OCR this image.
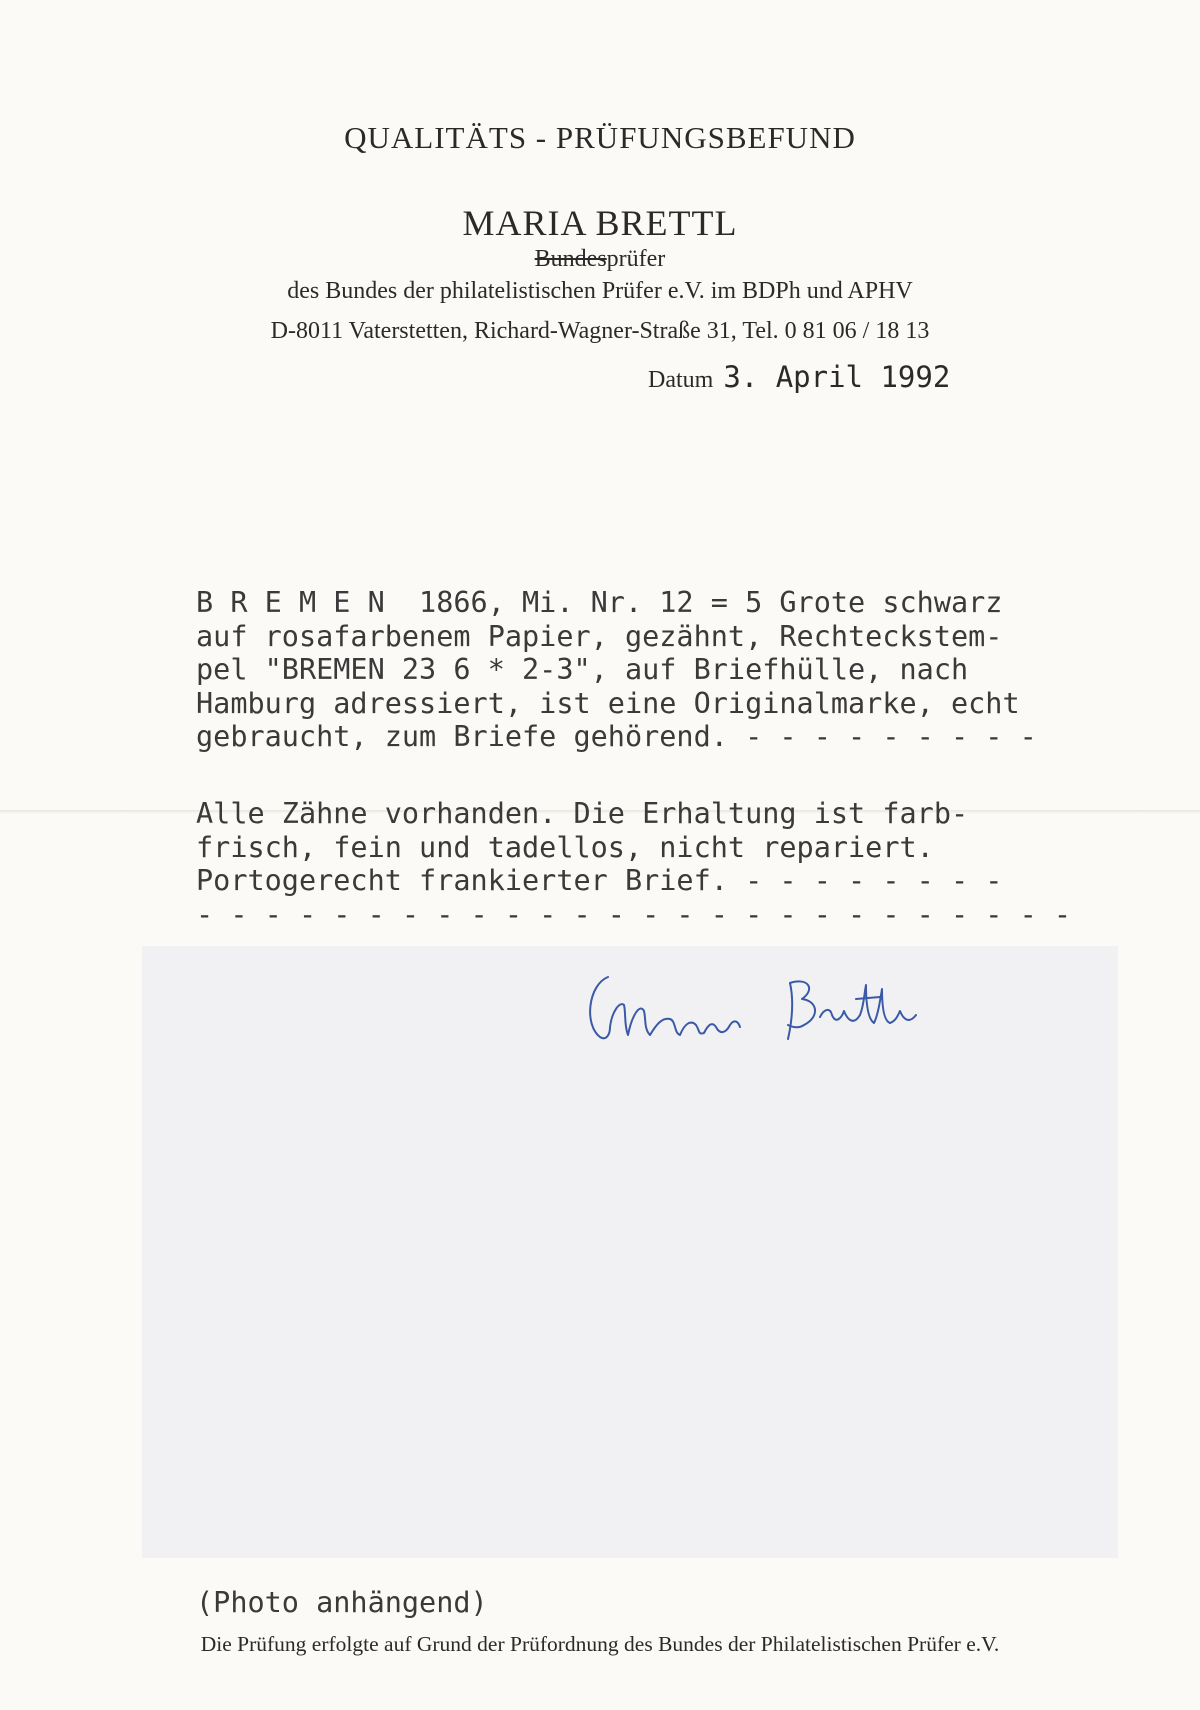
QUALITÄTS - PRÜFUNGSBEFUND
MARIA BRETTL
Bundesprüfer
des Bundes der philatelistischen Prüfer e.V. im BDPh und APHV
D-8011 Vaterstetten, Richard-Wagner-Straße 31, Tel. 0 81 06 / 18 13
Datum 3. April 1992
B R E M E N  1866, Mi. Nr. 12 = 5 Grote schwarz
auf rosafarbenem Papier, gezähnt, Rechteckstem-
pel "BREMEN 23 6 * 2-3", auf Briefhülle, nach
Hamburg adressiert, ist eine Originalmarke, echt
gebraucht, zum Briefe gehörend. - - - - - - - - -
Alle Zähne vorhanden. Die Erhaltung ist farb-
frisch, fein und tadellos, nicht repariert.
Portogerecht frankierter Brief. - - - - - - - -
- - - - - - - - - - - - - - - - - - - - - - - - - -
(Photo anhängend)
Die Prüfung erfolgte auf Grund der Prüfordnung des Bundes der Philatelistischen Prüfer e.V.
